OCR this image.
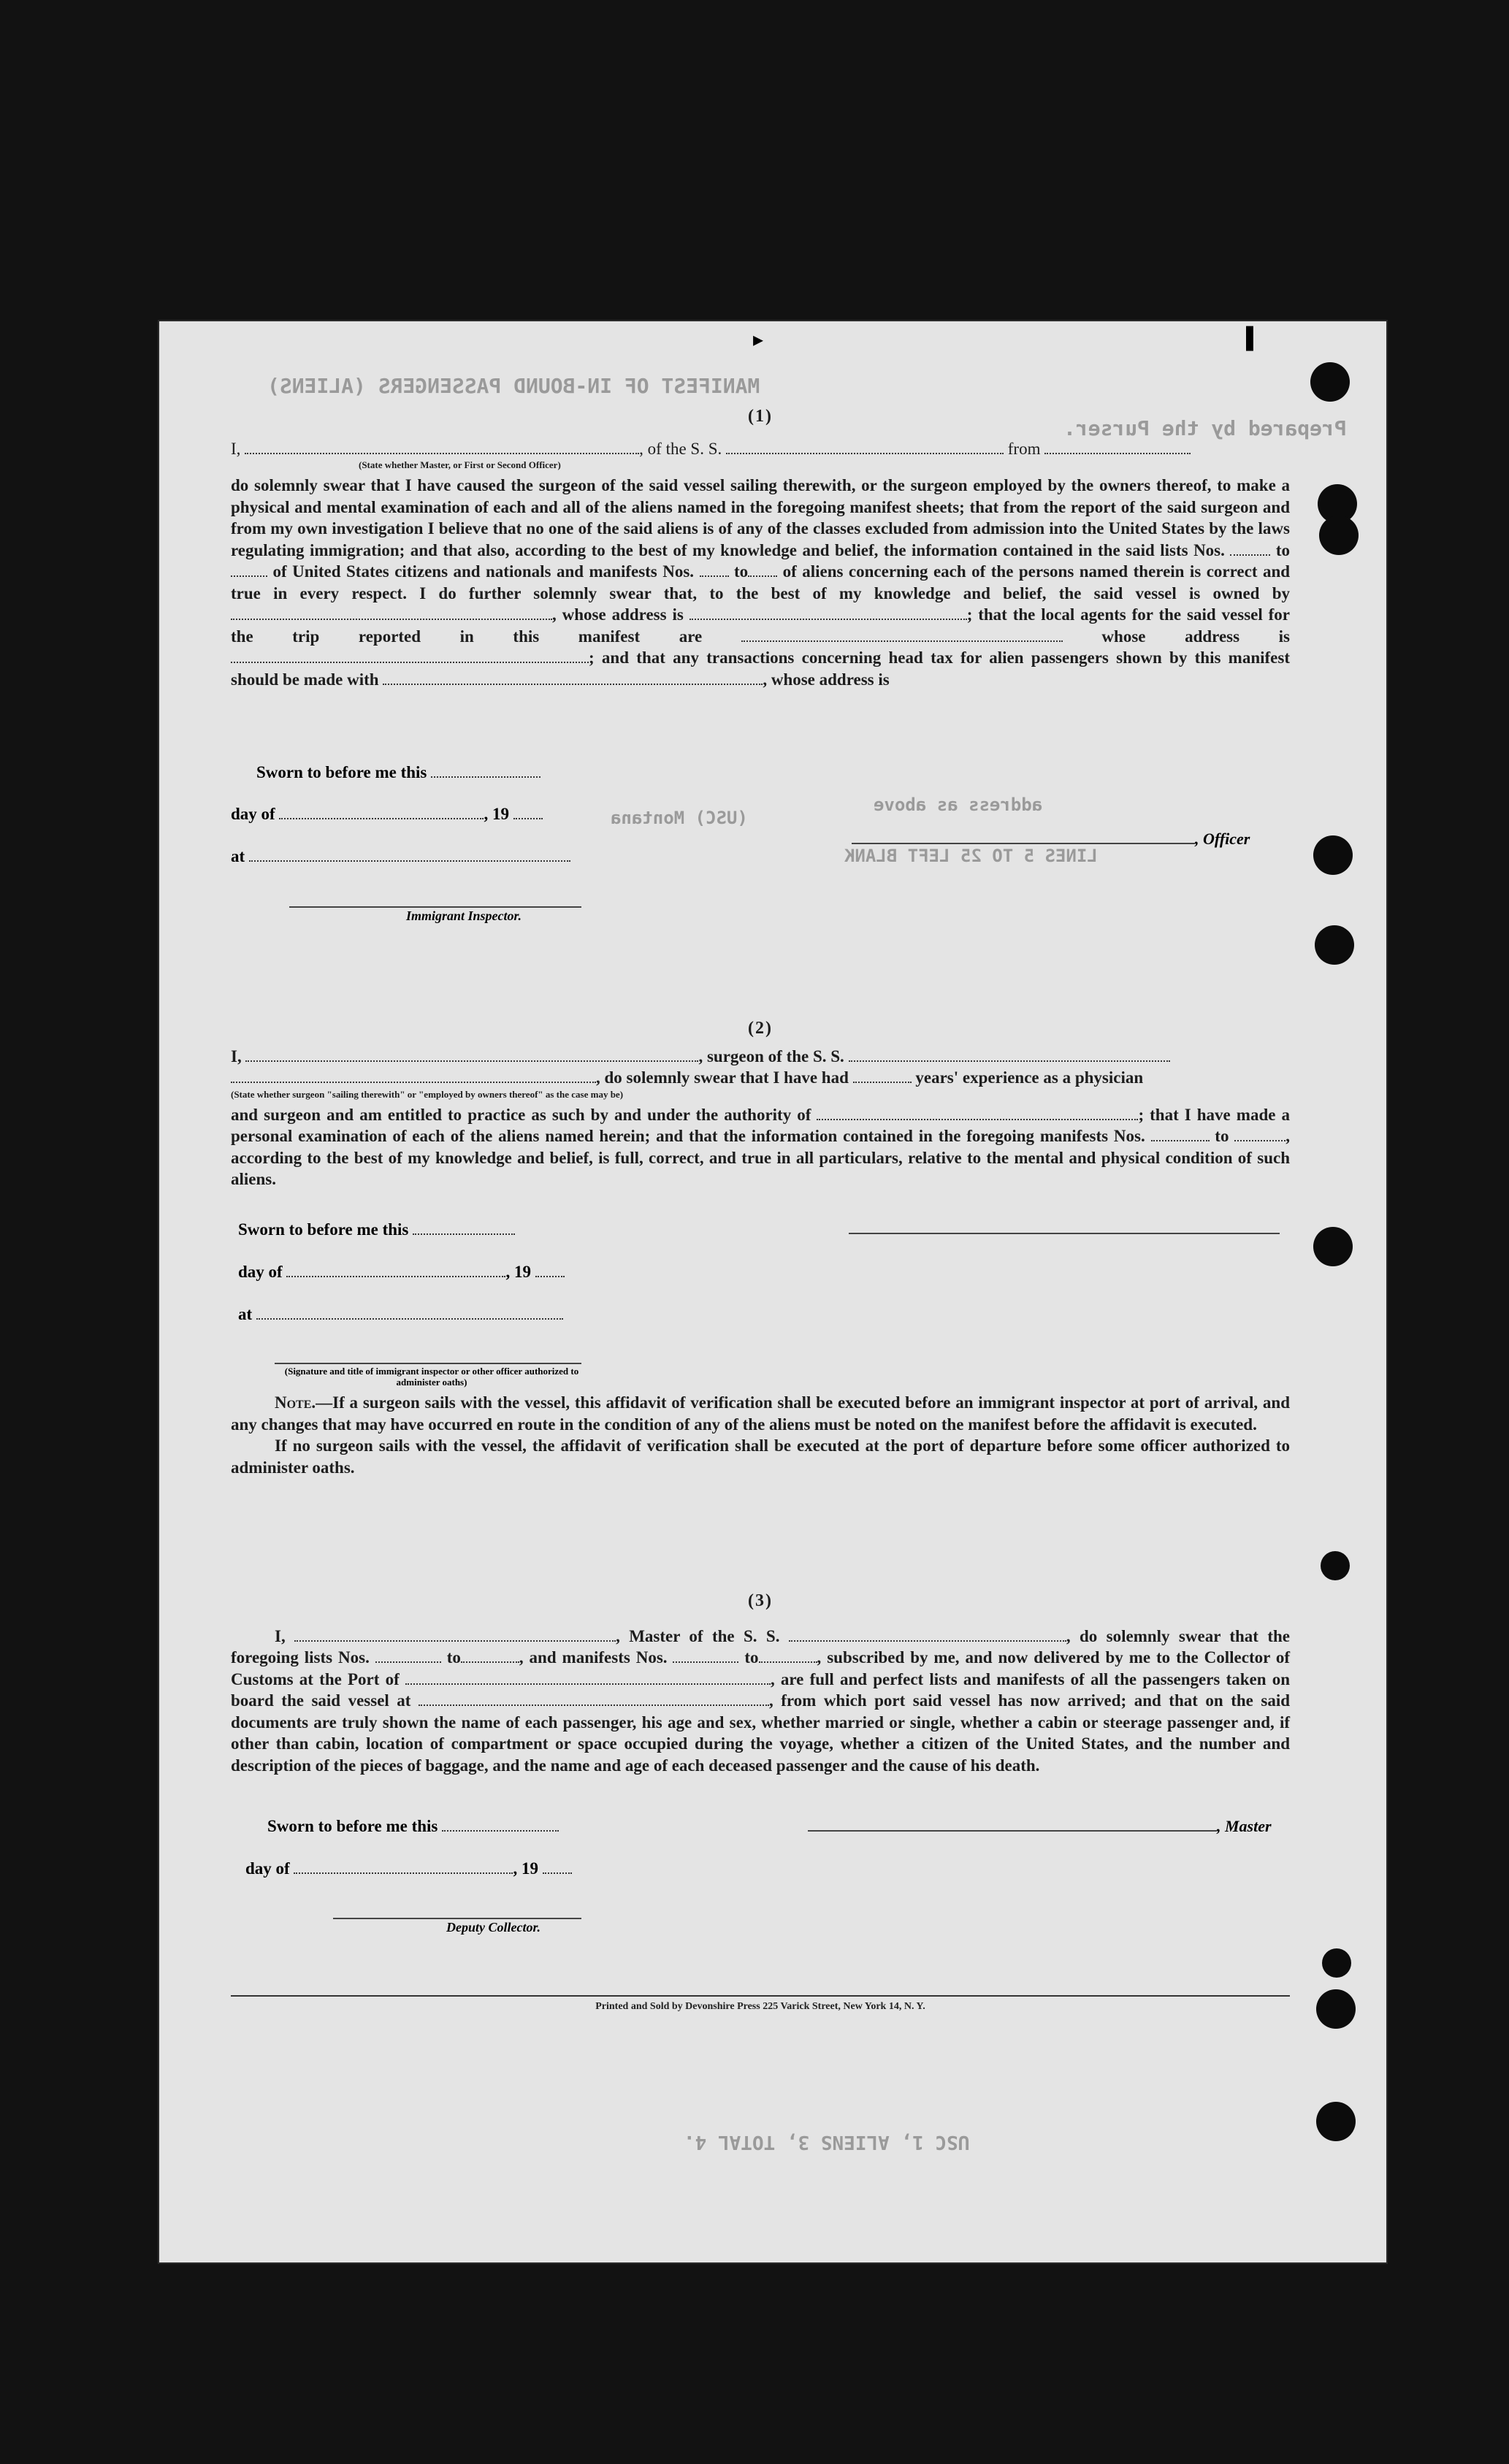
MANIFEST OF IN-BOUND PASSENGERS (ALIENS)
Prepared by the Purser.
LINES 5 TO 25 LEFT BLANK
address as above
(USC) Montana
USC 1, ALIENS 3, TOTAL 4.
(1)
I,	, of the S. S.	from
(State whether Master, or First or Second Officer)

do solemnly swear that I have caused the surgeon of the said vessel sailing therewith, or the surgeon employed by the owners thereof, to make a physical and mental examination of each and all of the aliens named in the foregoing manifest sheets; that from the report of the said surgeon and from my own investigation I believe that no one of the said aliens is of any of the classes excluded from admission into the United States by the laws regulating immigration; and that also, according to the best of my knowledge and belief, the information contained in the said lists Nos.	to of United States citizens and nationals and manifests Nos. to of aliens concerning each of the persons named therein is correct and true in every respect. I do further solemnly swear that, to the best of my knowledge and belief, the said vessel is owned by , whose address is	; that the local agents for the said vessel for the trip reported in this manifest are	whose address is ; and that any transactions concerning head tax for alien passengers shown by this manifest should be made with	, whose address is

Sworn to before me this
day of	, 19
at
Immigrant Inspector.
, Officer
(2)
I,	, surgeon of the S. S.
, do solemnly swear that I have had	years' experience as a physician
(State whether surgeon "sailing therewith" or "employed by owners thereof" as the case may be)

and surgeon and am entitled to practice as such by and under the authority of	; that I have made a personal examination of each of the aliens named herein; and that the information contained in the foregoing manifests Nos.	to	, according to the best of my knowledge and belief, is full, correct, and true in all particulars, relative to the mental and physical condition of such aliens.

Sworn to before me this
day of	, 19
at
(Signature and title of immigrant inspector or other officer authorized to administer oaths)

Note.—If a surgeon sails with the vessel, this affidavit of verification shall be executed before an immigrant inspector at port of arrival, and any changes that may have occurred en route in the condition of any of the aliens must be noted on the manifest before the affidavit is executed.

If no surgeon sails with the vessel, the affidavit of verification shall be executed at the port of departure before some officer authorized to administer oaths.

(3)

I,	, Master of the S. S.	, do solemnly swear that the foregoing lists Nos.	to	, and manifests Nos.	to	, subscribed by me, and now delivered by me to the Collector of Customs at the Port of	, are full and perfect lists and manifests of all the passengers taken on board the said vessel at	, from which port said vessel has now arrived; and that on the said documents are truly shown the name of each passenger, his age and sex, whether married or single, whether a cabin or steerage passenger and, if other than cabin, location of compartment or space occupied during the voyage, whether a citizen of the United States, and the number and description of the pieces of baggage, and the name and age of each deceased passenger and the cause of his death.

Sworn to before me this
day of	, 19
Deputy Collector.
, Master
Printed and Sold by Devonshire Press 225 Varick Street, New York 14, N. Y.
▸	▌
